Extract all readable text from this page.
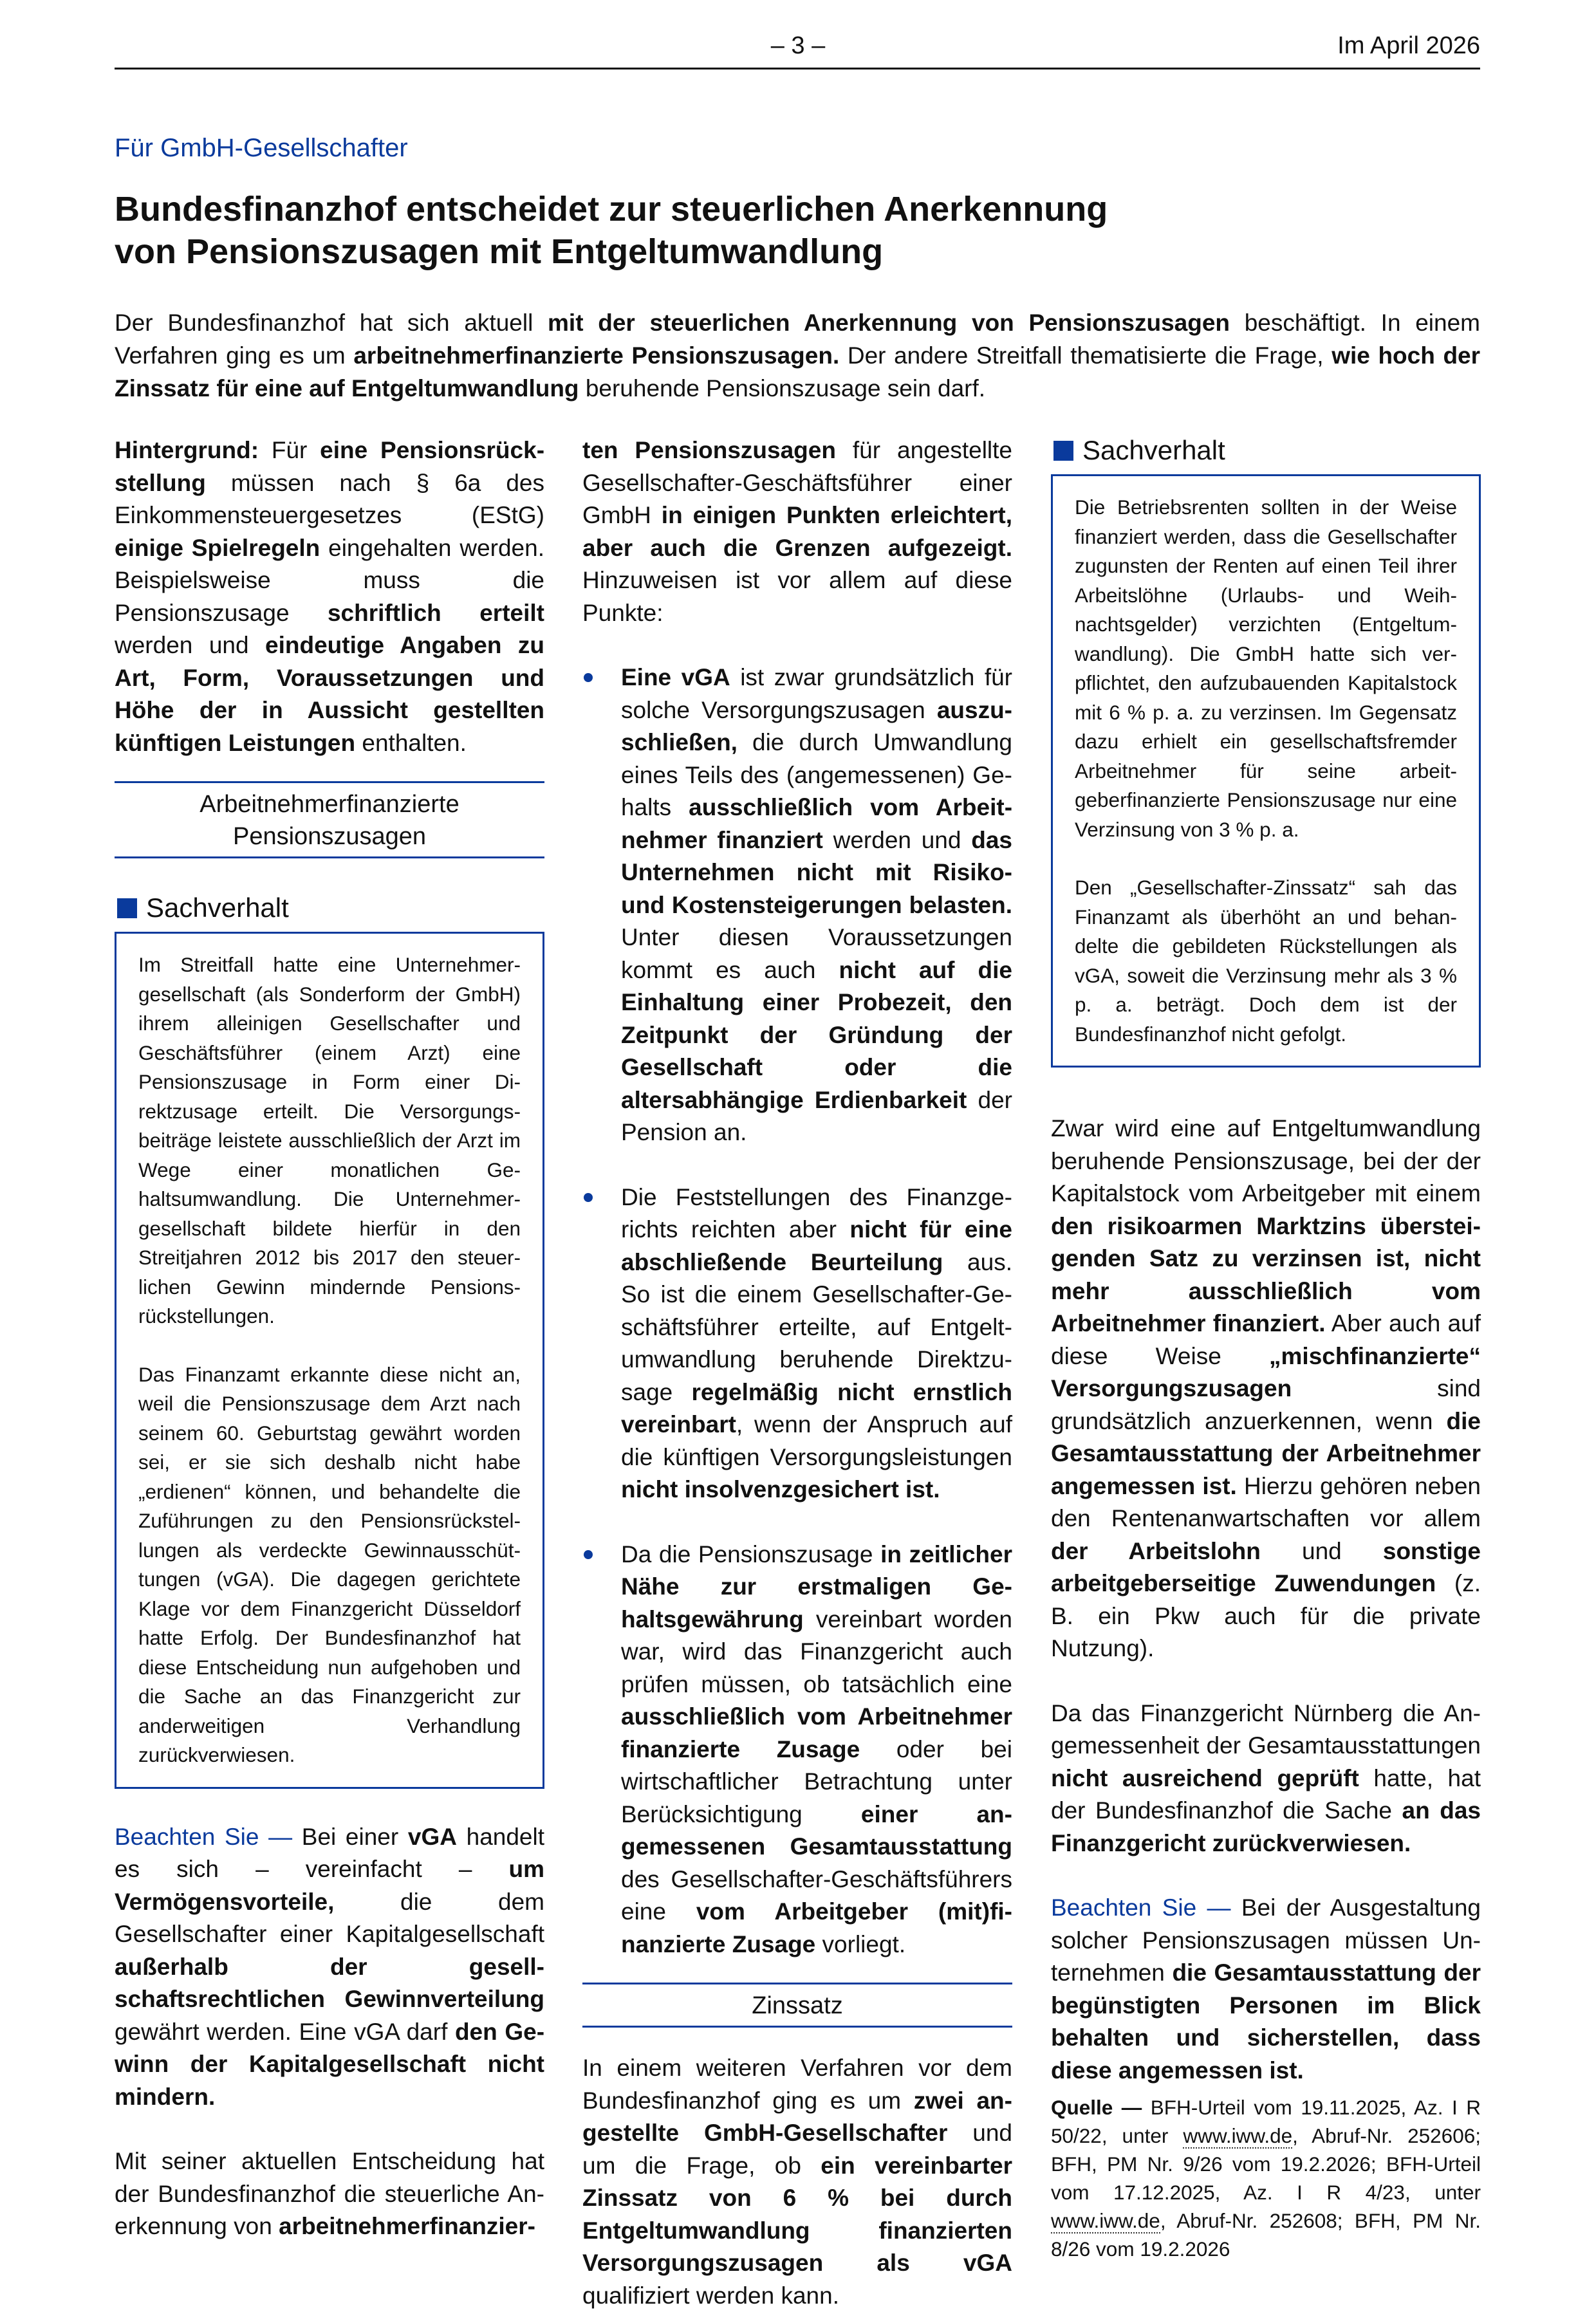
– 3 –	Im April 2026
Für GmbH-Gesellschafter
Bundesfinanzhof entscheidet zur steuerlichen Anerkennung
von Pensionszusagen mit Entgeltumwandlung

Der Bundesfinanzhof hat sich aktuell mit der steuerlichen Anerkennung von Pensionszusagen beschäftigt. In einem Verfahren ging es um arbeitnehmerfinanzierte Pensionszusagen. Der andere Streitfall thematisierte die Frage, wie hoch der Zinssatz für eine auf Entgeltumwandlung beruhende Pensionszusage sein darf.

Hintergrund: Für eine Pensionsrückstellung müssen nach § 6a des Einkommensteuergesetzes (EStG) einige Spielregeln eingehalten werden. Beispielsweise muss die Pensionszusage schriftlich erteilt werden und eindeutige Angaben zu Art, Form, Voraussetzungen und Höhe der in Aussicht gestellten künftigen Leistungen enthalten.

Arbeitnehmerfinanzierte
Pensionszusagen
Sachverhalt

Im Streitfall hatte eine Unternehmergesellschaft (als Sonderform der GmbH) ihrem alleinigen Gesellschafter und Geschäftsführer (einem Arzt) eine Pensionszusage in Form einer Direktzusage erteilt. Die Versorgungsbeiträge leistete ausschließlich der Arzt im Wege einer monatlichen Gehaltsumwandlung. Die Unternehmergesellschaft bildete hierfür in den Streitjahren 2012 bis 2017 den steuerlichen Gewinn mindernde Pensionsrückstellungen.

Das Finanzamt erkannte diese nicht an, weil die Pensionszusage dem Arzt nach seinem 60. Geburtstag gewährt worden sei, er sie sich deshalb nicht habe „erdienen“ können, und behandelte die Zuführungen zu den Pensionsrückstellungen als verdeckte Gewinnausschüttungen (vGA). Die dagegen gerichtete Klage vor dem Finanzgericht Düsseldorf hatte Erfolg. Der Bundesfinanzhof hat diese Entscheidung nun aufgehoben und die Sache an das Finanzgericht zur anderweitigen Verhandlung zurückverwiesen.

Beachten Sie — Bei einer vGA handelt es sich – vereinfacht – um Vermögensvorteile, die dem Gesellschafter einer Kapitalgesellschaft außerhalb der gesellschaftsrechtlichen Gewinnverteilung gewährt werden. Eine vGA darf den Gewinn der Kapitalgesellschaft nicht mindern.

Mit seiner aktuellen Entscheidung hat der Bundesfinanzhof die steuerliche Anerkennung von arbeitnehmerfinanzier-

ten Pensionszusagen für angestellte Gesellschafter-Geschäftsführer einer GmbH in einigen Punkten erleichtert, aber auch die Grenzen aufgezeigt. Hinzuweisen ist vor allem auf diese Punkte:

Eine vGA ist zwar grundsätzlich für solche Versorgungszusagen auszuschließen, die durch Umwandlung eines Teils des (angemessenen) Gehalts ausschließlich vom Arbeitnehmer finanziert werden und das Unternehmen nicht mit Risiko- und Kostensteigerungen belasten. Unter diesen Voraussetzungen kommt es auch nicht auf die Einhaltung einer Probezeit, den Zeitpunkt der Gründung der Gesellschaft oder die altersabhängige Erdienbarkeit der Pension an.

Die Feststellungen des Finanzgerichts reichten aber nicht für eine abschließende Beurteilung aus. So ist die einem Gesellschafter-Geschäftsführer erteilte, auf Entgeltumwandlung beruhende Direktzusage regelmäßig nicht ernstlich vereinbart, wenn der Anspruch auf die künftigen Versorgungsleistungen nicht insolvenzgesichert ist.

Da die Pensionszusage in zeitlicher Nähe zur erstmaligen Gehaltsgewährung vereinbart worden war, wird das Finanzgericht auch prüfen müssen, ob tatsächlich eine ausschließlich vom Arbeitnehmer finanzierte Zusage oder bei wirtschaftlicher Betrachtung unter Berücksichtigung einer angemessenen Gesamtausstattung des Gesellschafter-Geschäftsführers eine vom Arbeitgeber (mit)finanzierte Zusage vorliegt.

Zinssatz

In einem weiteren Verfahren vor dem Bundesfinanzhof ging es um zwei angestellte GmbH-Gesellschafter und um die Frage, ob ein vereinbarter Zinssatz von 6 % bei durch Entgeltumwandlung finanzierten Versorgungszusagen als vGA qualifiziert werden kann.

Sachverhalt

Die Betriebsrenten sollten in der Weise finanziert werden, dass die Gesellschafter zugunsten der Renten auf einen Teil ihrer Arbeitslöhne (Urlaubs- und Weihnachtsgelder) verzichten (Entgeltumwandlung). Die GmbH hatte sich verpflichtet, den aufzubauenden Kapitalstock mit 6 % p. a. zu verzinsen. Im Gegensatz dazu erhielt ein gesellschaftsfremder Arbeitnehmer für seine arbeitgeberfinanzierte Pensionszusage nur eine Verzinsung von 3 % p. a.

Den „Gesellschafter-Zinssatz“ sah das Finanzamt als überhöht an und behandelte die gebildeten Rückstellungen als vGA, soweit die Verzinsung mehr als 3 % p. a. beträgt. Doch dem ist der Bundesfinanzhof nicht gefolgt.

Zwar wird eine auf Entgeltumwandlung beruhende Pensionszusage, bei der der Kapitalstock vom Arbeitgeber mit einem den risikoarmen Marktzins übersteigenden Satz zu verzinsen ist, nicht mehr ausschließlich vom Arbeitnehmer finanziert. Aber auch auf diese Weise „mischfinanzierte“ Versorgungszusagen sind grundsätzlich anzuerkennen, wenn die Gesamtausstattung der Arbeitnehmer angemessen ist. Hierzu gehören neben den Rentenanwartschaften vor allem der Arbeitslohn und sonstige arbeitgeberseitige Zuwendungen (z. B. ein Pkw auch für die private Nutzung).

Da das Finanzgericht Nürnberg die Angemessenheit der Gesamtausstattungen nicht ausreichend geprüft hatte, hat der Bundesfinanzhof die Sache an das Finanzgericht zurückverwiesen.

Beachten Sie — Bei der Ausgestaltung solcher Pensionszusagen müssen Unternehmen die Gesamtausstattung der begünstigten Personen im Blick behalten und sicherstellen, dass diese angemessen ist.

Quelle — BFH-Urteil vom 19.11.2025, Az. I R 50/22, unter www.iww.de, Abruf-Nr. 252606; BFH, PM Nr. 9/26 vom 19.2.2026; BFH-Urteil vom 17.12.2025, Az. I R 4/23, unter www.iww.de, Abruf-Nr. 252608; BFH, PM Nr. 8/26 vom 19.2.2026
